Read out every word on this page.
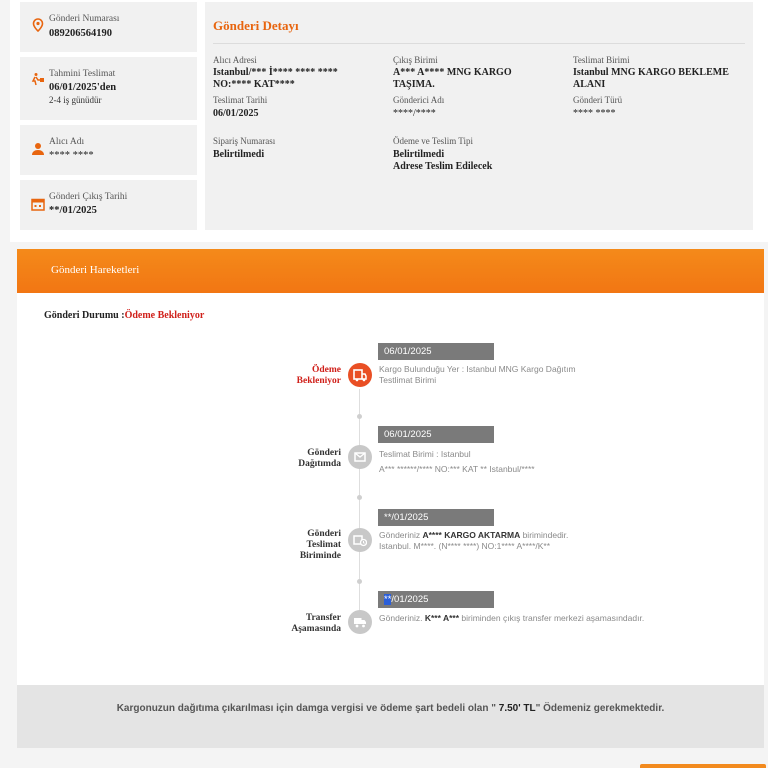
Gönderi Numarası
089206564190
Tahmini Teslimat
06/01/2025'den
2-4 iş günüdür
Alıcı Adı
**** ****
Gönderi Çıkış Tarihi
**/01/2025
Gönderi Detayı
Alıcı Adresi
Istanbul/*** İ**** **** ****
NO:**** KAT****
Çıkış Birimi
A*** A**** MNG KARGO
TAŞIMA.
Teslimat Birimi
Istanbul MNG KARGO BEKLEME
ALANI
Teslimat Tarihi
06/01/2025
Gönderici Adı
****/****
Gönderi Türü
**** ****
Sipariş Numarası
Belirtilmedi
Ödeme ve Teslim Tipi
Belirtilmedi
Adrese Teslim Edilecek
Gönderi Hareketleri
Gönderi Durumu :Ödeme Bekleniyor
Ödeme
Bekleniyor
06/01/2025
Kargo Bulunduğu Yer : Istanbul MNG Kargo Dağıtım
Testlimat Birimi
Gönderi
Dağıtımda
06/01/2025
Teslimat Birimi : Istanbul
A*** ******/**** NO:*** KAT ** Istanbul/****
Gönderi
Teslimat
Biriminde
**/01/2025
Gönderiniz A**** KARGO AKTARMA birimindedir.
Istanbul. M****. (N**** ****) NO:1**** A****/K**
Transfer
Aşamasında
**/01/2025
Gönderiniz. K*** A*** biriminden çıkış transfer merkezi aşamasındadır.

Kargonuzun dağıtıma çıkarılması için damga vergisi ve ödeme şart bedeli olan " 7.50' TL" Ödemeniz gerekmektedir.
